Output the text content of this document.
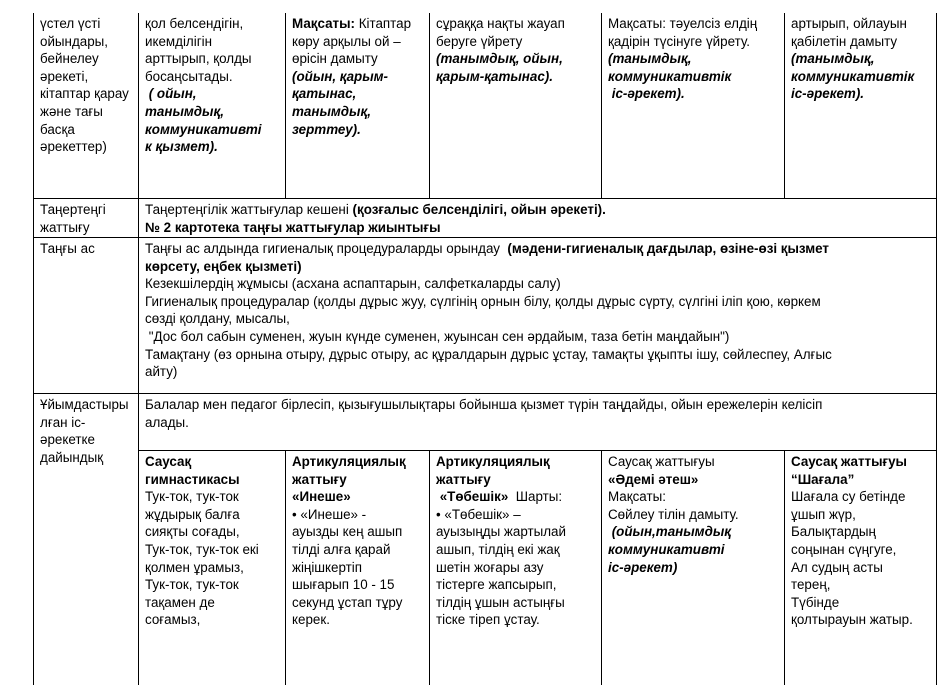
үстел үсті
ойындары,
бейнелеу
әрекеті,
кітаптар қарау
және тағы
басқа
әрекеттер)
қол белсендігін,
икемділігін
арттырып, қолды
босаңсытады.
( ойын,
танымдық,
коммуникативті
к қызмет).
Мақсаты: Кітаптар
көру арқылы ой –
өрісін дамыту
(ойын, қарым-
қатынас,
танымдық,
зерттеу).
сұраққа нақты жауап
беруге үйрету
(танымдық, ойын,
қарым-қатынас).
Мақсаты: тәуелсіз елдің
қадірін түсінуге үйрету.
(танымдық,
коммуникативтік
іс-әрекет).
артырып, ойлауын
қабілетін дамыту
(танымдық,
коммуникативтік
іс-әрекет).
Таңертеңгі
жаттығу
Таңертеңгілік жаттығулар кешені (қозғалыс белсенділігі, ойын әрекеті).
№ 2 картотека таңғы жаттығулар жиынтығы
Таңғы ас	Таңғы ас алдында гигиеналық процедураларды орындау  (мәдени-гигиеналық дағдылар, өзіне-өзі қызмет
көрсету, еңбек қызметі)
Кезекшілердің жұмысы (асхана аспаптарын, салфеткаларды салу)
Гигиеналық процедуралар (қолды дұрыс жуу, сүлгінің орнын білу, қолды дұрыс сүрту, сүлгіні іліп қою, көркем
сөзді қолдану, мысалы,
"Дос бол сабын суменен, жуын күнде суменен, жуынсан сен әрдайым, таза бетін маңдайын")
Тамақтану (өз орнына отыру, дұрыс отыру, ас құралдарын дұрыс ұстау, тамақты ұқыпты ішу, сөйлеспеу, Алғыс
айту)
Ұйымдастыры
лған іс-
әрекетке
дайындық
Балалар мен педагог бірлесіп, қызығушылықтары бойынша қызмет түрін таңдайды, ойын ережелерін келісіп
алады.
Саусақ
гимнастикасы
Тук-ток, тук-ток
жұдырық балға
сияқты соғады,
Тук-ток, тук-ток екі
қолмен ұрамыз,
Тук-ток, тук-ток
тақамен де
соғамыз,
Артикуляциялық
жаттығу
«Инеше»
• «Инеше» -
ауызды кең ашып
тілді алға қарай
жіңішкертіп
шығарып 10 - 15
секунд ұстап тұру
керек.
Артикуляциялық
жаттығу
«Төбешік»  Шарты:
• «Төбешік» –
ауызыңды жартылай
ашып, тілдің екі жақ
шетін жоғары азу
тістерге жапсырып,
тілдің ұшын астыңғы
тіске тіреп ұстау.
Саусақ жаттығуы
«Әдемі әтеш»
Мақсаты:
Сөйлеу тілін дамыту.
(ойын,танымдық
коммуникативті
іс-әрекет)
Саусақ жаттығуы
“Шағала”
Шағала су бетінде
ұшып жүр,
Балықтардың
соңынан сүңгуге,
Ал судың асты
терең,
Түбінде
қолтырауын жатыр.
